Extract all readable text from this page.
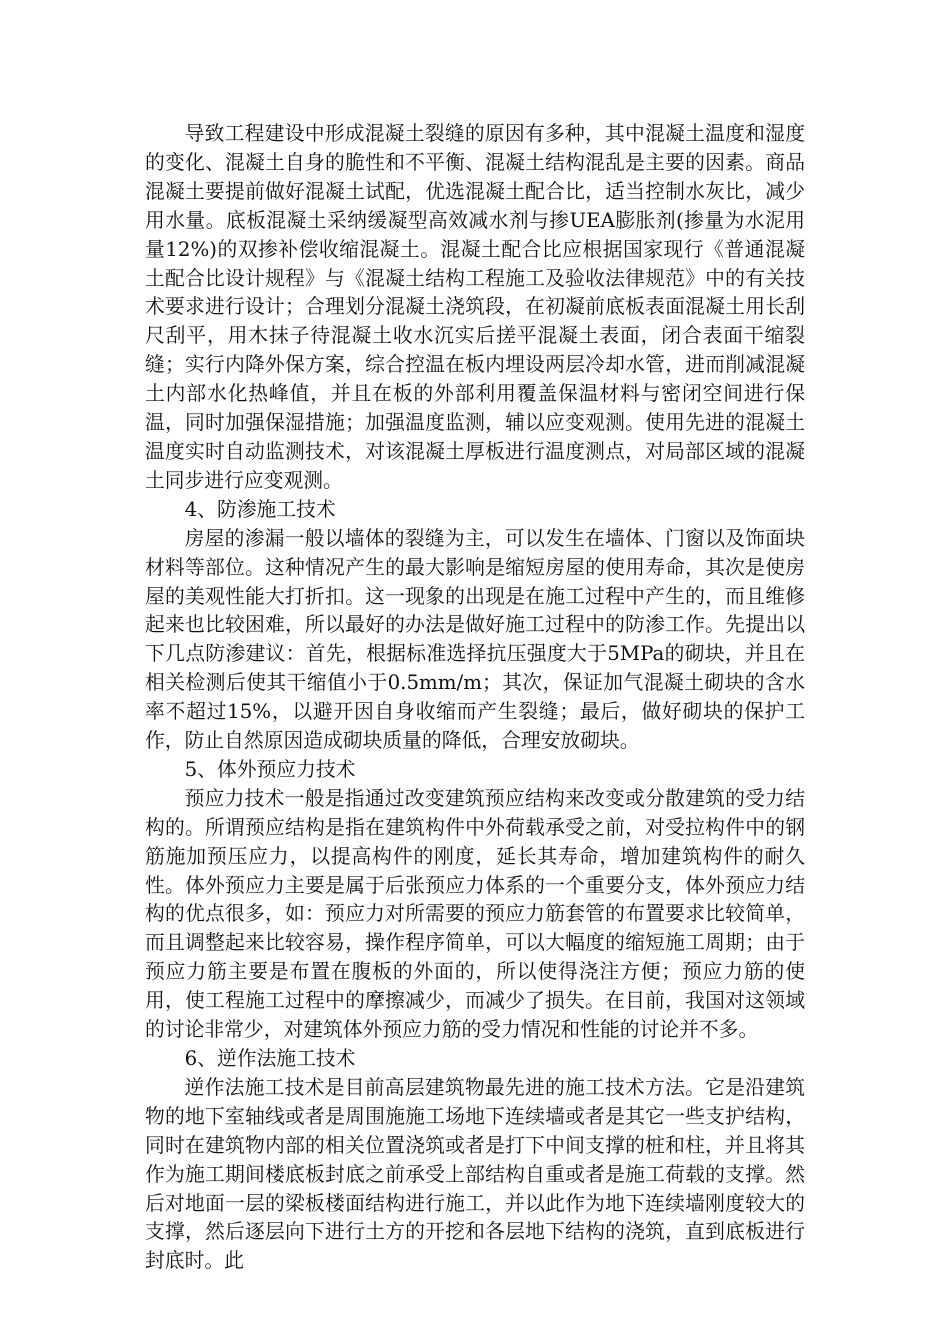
导致工程建设中形成混凝土裂缝的原因有多种，其中混凝土温度和湿度的变化、混凝土自身的脆性和不平衡、混凝土结构混乱是主要的因素。商品混凝土要提前做好混凝土试配，优选混凝土配合比，适当控制水灰比，减少用水量。底板混凝土采纳缓凝型高效减水剂与掺UEA膨胀剂(掺量为水泥用量12%)的双掺补偿收缩混凝土。混凝土配合比应根据国家现行《普通混凝土配合比设计规程》与《混凝土结构工程施工及验收法律规范》中的有关技术要求进行设计；合理划分混凝土浇筑段，在初凝前底板表面混凝土用长刮尺刮平，用木抹子待混凝土收水沉实后搓平混凝土表面，闭合表面干缩裂缝；实行内降外保方案，综合控温在板内埋设两层冷却水管，进而削减混凝土内部水化热峰值，并且在板的外部利用覆盖保温材料与密闭空间进行保温，同时加强保湿措施；加强温度监测，辅以应变观测。使用先进的混凝土温度实时自动监测技术，对该混凝土厚板进行温度测点，对局部区域的混凝土同步进行应变观测。

4、防渗施工技术

房屋的渗漏一般以墙体的裂缝为主，可以发生在墙体、门窗以及饰面块材料等部位。这种情况产生的最大影响是缩短房屋的使用寿命，其次是使房屋的美观性能大打折扣。这一现象的出现是在施工过程中产生的，而且维修起来也比较困难，所以最好的办法是做好施工过程中的防渗工作。先提出以下几点防渗建议：首先，根据标准选择抗压强度大于5MPa的砌块，并且在相关检测后使其干缩值小于0.5mm/m；其次，保证加气混凝土砌块的含水率不超过15%，以避开因自身收缩而产生裂缝；最后，做好砌块的保护工作，防止自然原因造成砌块质量的降低，合理安放砌块。

5、体外预应力技术

预应力技术一般是指通过改变建筑预应结构来改变或分散建筑的受力结构的。所谓预应结构是指在建筑构件中外荷载承受之前，对受拉构件中的钢筋施加预压应力，以提高构件的刚度，延长其寿命，增加建筑构件的耐久性。体外预应力主要是属于后张预应力体系的一个重要分支，体外预应力结构的优点很多，如：预应力对所需要的预应力筋套管的布置要求比较简单，而且调整起来比较容易，操作程序简单，可以大幅度的缩短施工周期；由于预应力筋主要是布置在腹板的外面的，所以使得浇注方便；预应力筋的使用，使工程施工过程中的摩擦减少，而减少了损失。在目前，我国对这领域的讨论非常少，对建筑体外预应力筋的受力情况和性能的讨论并不多。

6、逆作法施工技术

逆作法施工技术是目前高层建筑物最先进的施工技术方法。它是沿建筑物的地下室轴线或者是周围施施工场地下连续墙或者是其它一些支护结构，同时在建筑物内部的相关位置浇筑或者是打下中间支撑的桩和柱，并且将其作为施工期间楼底板封底之前承受上部结构自重或者是施工荷载的支撑。然后对地面一层的梁板楼面结构进行施工，并以此作为地下连续墙刚度较大的支撑，然后逐层向下进行土方的开挖和各层地下结构的浇筑，直到底板进行封底时。此
